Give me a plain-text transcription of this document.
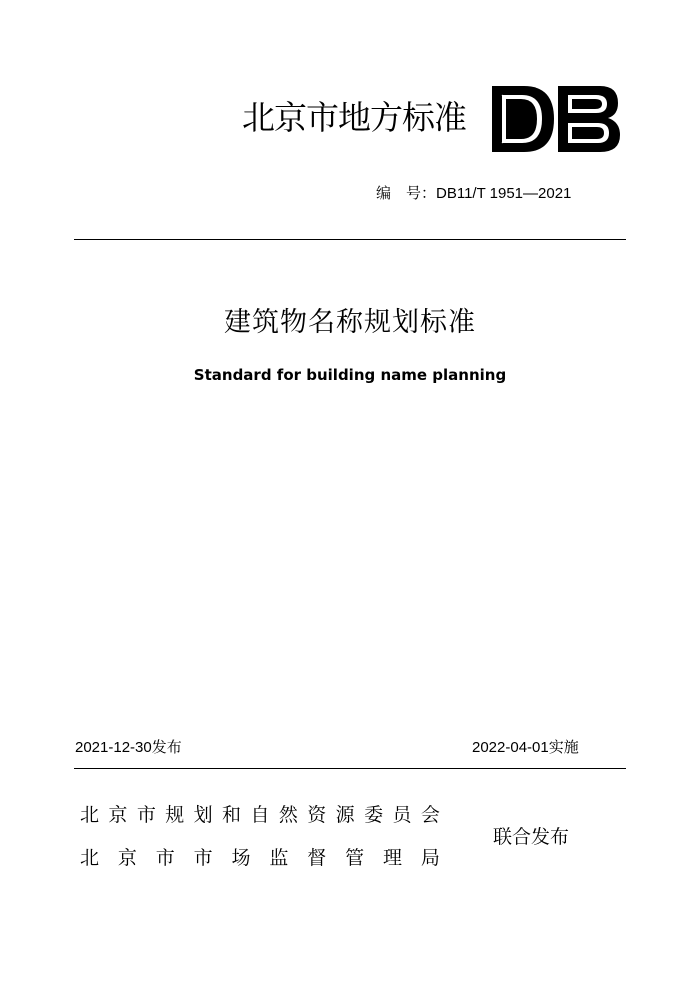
北京市地方标准
编　号：DB11/T 1951—2021
建筑物名称规划标准
Standard for building name planning
2021-12-30发布	2022-04-01实施
北 京 市 规 划 和 自 然 资 源 委 员 会
北 京 市 市 场 监 督 管 理 局
联合发布
